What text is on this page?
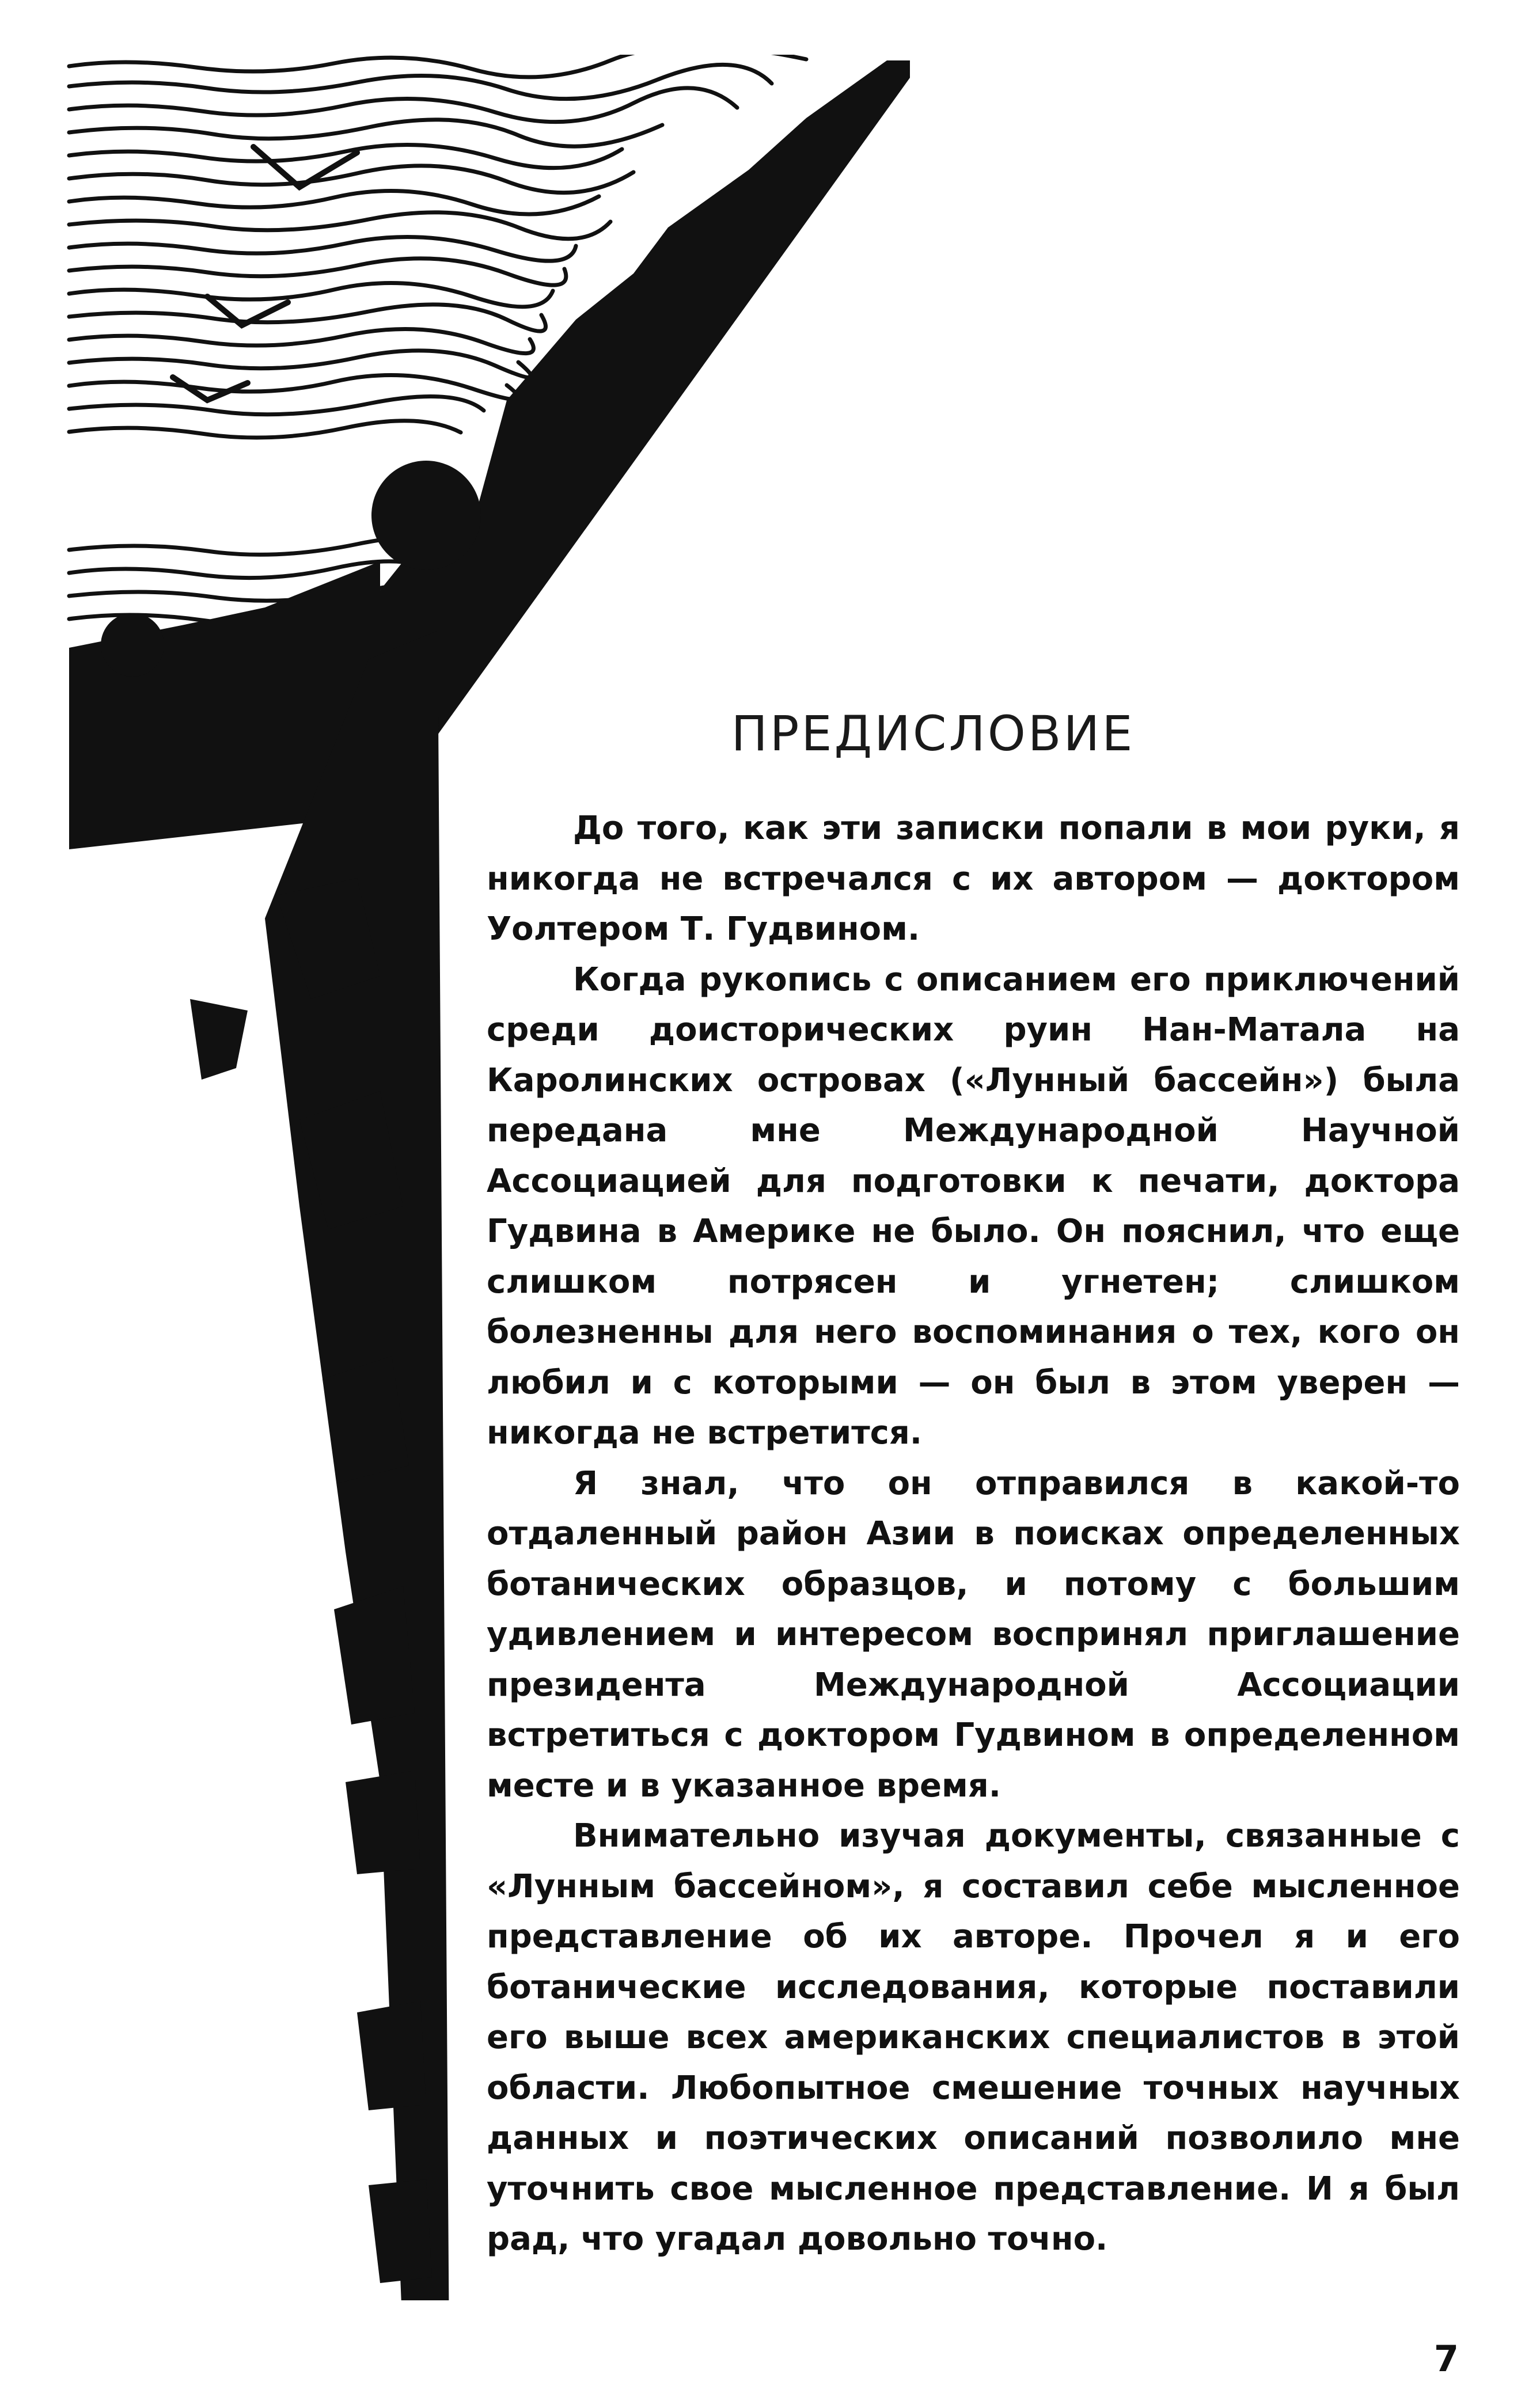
ПРЕДИСЛОВИЕ

До того, как эти записки попали в мои руки, я никогда не встречался с их автором — доктором Уолтером Т. Гудвином.

Когда рукопись с описанием его приключений среди доисторических руин Нан-Матала на Каролинских островах («Лунный бассейн») была передана мне Международной Научной Ассоциацией для подготовки к печати, доктора Гудвина в Америке не было. Он пояснил, что еще слишком потрясен и угнетен; слишком болезненны для него воспоминания о тех, кого он любил и с которыми — он был в этом уверен — никогда не встретится.

Я знал, что он отправился в какой-то отдаленный район Азии в поисках определенных ботанических образцов, и потому с большим удивлением и интересом воспринял приглашение президента Международной Ассоциации встретиться с доктором Гудвином в определенном месте и в указанное время.

Внимательно изучая документы, связанные с «Лунным бассейном», я составил себе мысленное представление об их авторе. Прочел я и его ботанические исследования, которые поставили его выше всех американских специалистов в этой области. Любопытное смешение точных научных данных и поэтических описаний позволило мне уточнить свое мысленное представление. И я был рад, что угадал довольно точно.

7
